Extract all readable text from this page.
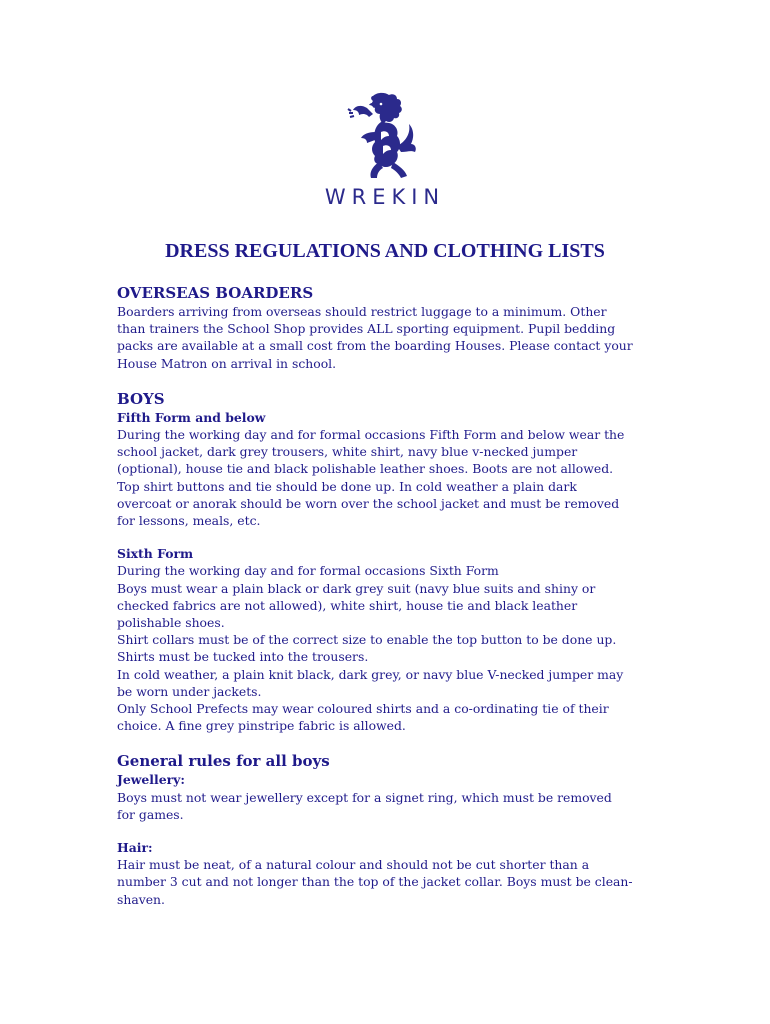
WREKIN
DRESS REGULATIONS AND CLOTHING LISTS
OVERSEAS BOARDERS
Boarders arriving from overseas should restrict luggage to a minimum. Other
than trainers the School Shop provides ALL sporting equipment. Pupil bedding
packs are available at a small cost from the boarding Houses. Please contact your
House Matron on arrival in school.
BOYS
Fifth Form and below
During the working day and for formal occasions Fifth Form and below wear the
school jacket, dark grey trousers, white shirt, navy blue v-necked jumper
(optional), house tie and black polishable leather shoes. Boots are not allowed.
Top shirt buttons and tie should be done up. In cold weather a plain dark
overcoat or anorak should be worn over the school jacket and must be removed
for lessons, meals, etc.
Sixth Form
During the working day and for formal occasions Sixth Form
Boys must wear a plain black or dark grey suit (navy blue suits and shiny or
checked fabrics are not allowed), white shirt, house tie and black leather
polishable shoes.
Shirt collars must be of the correct size to enable the top button to be done up.
Shirts must be tucked into the trousers.
In cold weather, a plain knit black, dark grey, or navy blue V-necked jumper may
be worn under jackets.
Only School Prefects may wear coloured shirts and a co-ordinating tie of their
choice. A fine grey pinstripe fabric is allowed.
General rules for all boys
Jewellery:
Boys must not wear jewellery except for a signet ring, which must be removed
for games.
Hair:
Hair must be neat, of a natural colour and should not be cut shorter than a
number 3 cut and not longer than the top of the jacket collar. Boys must be clean-
shaven.
